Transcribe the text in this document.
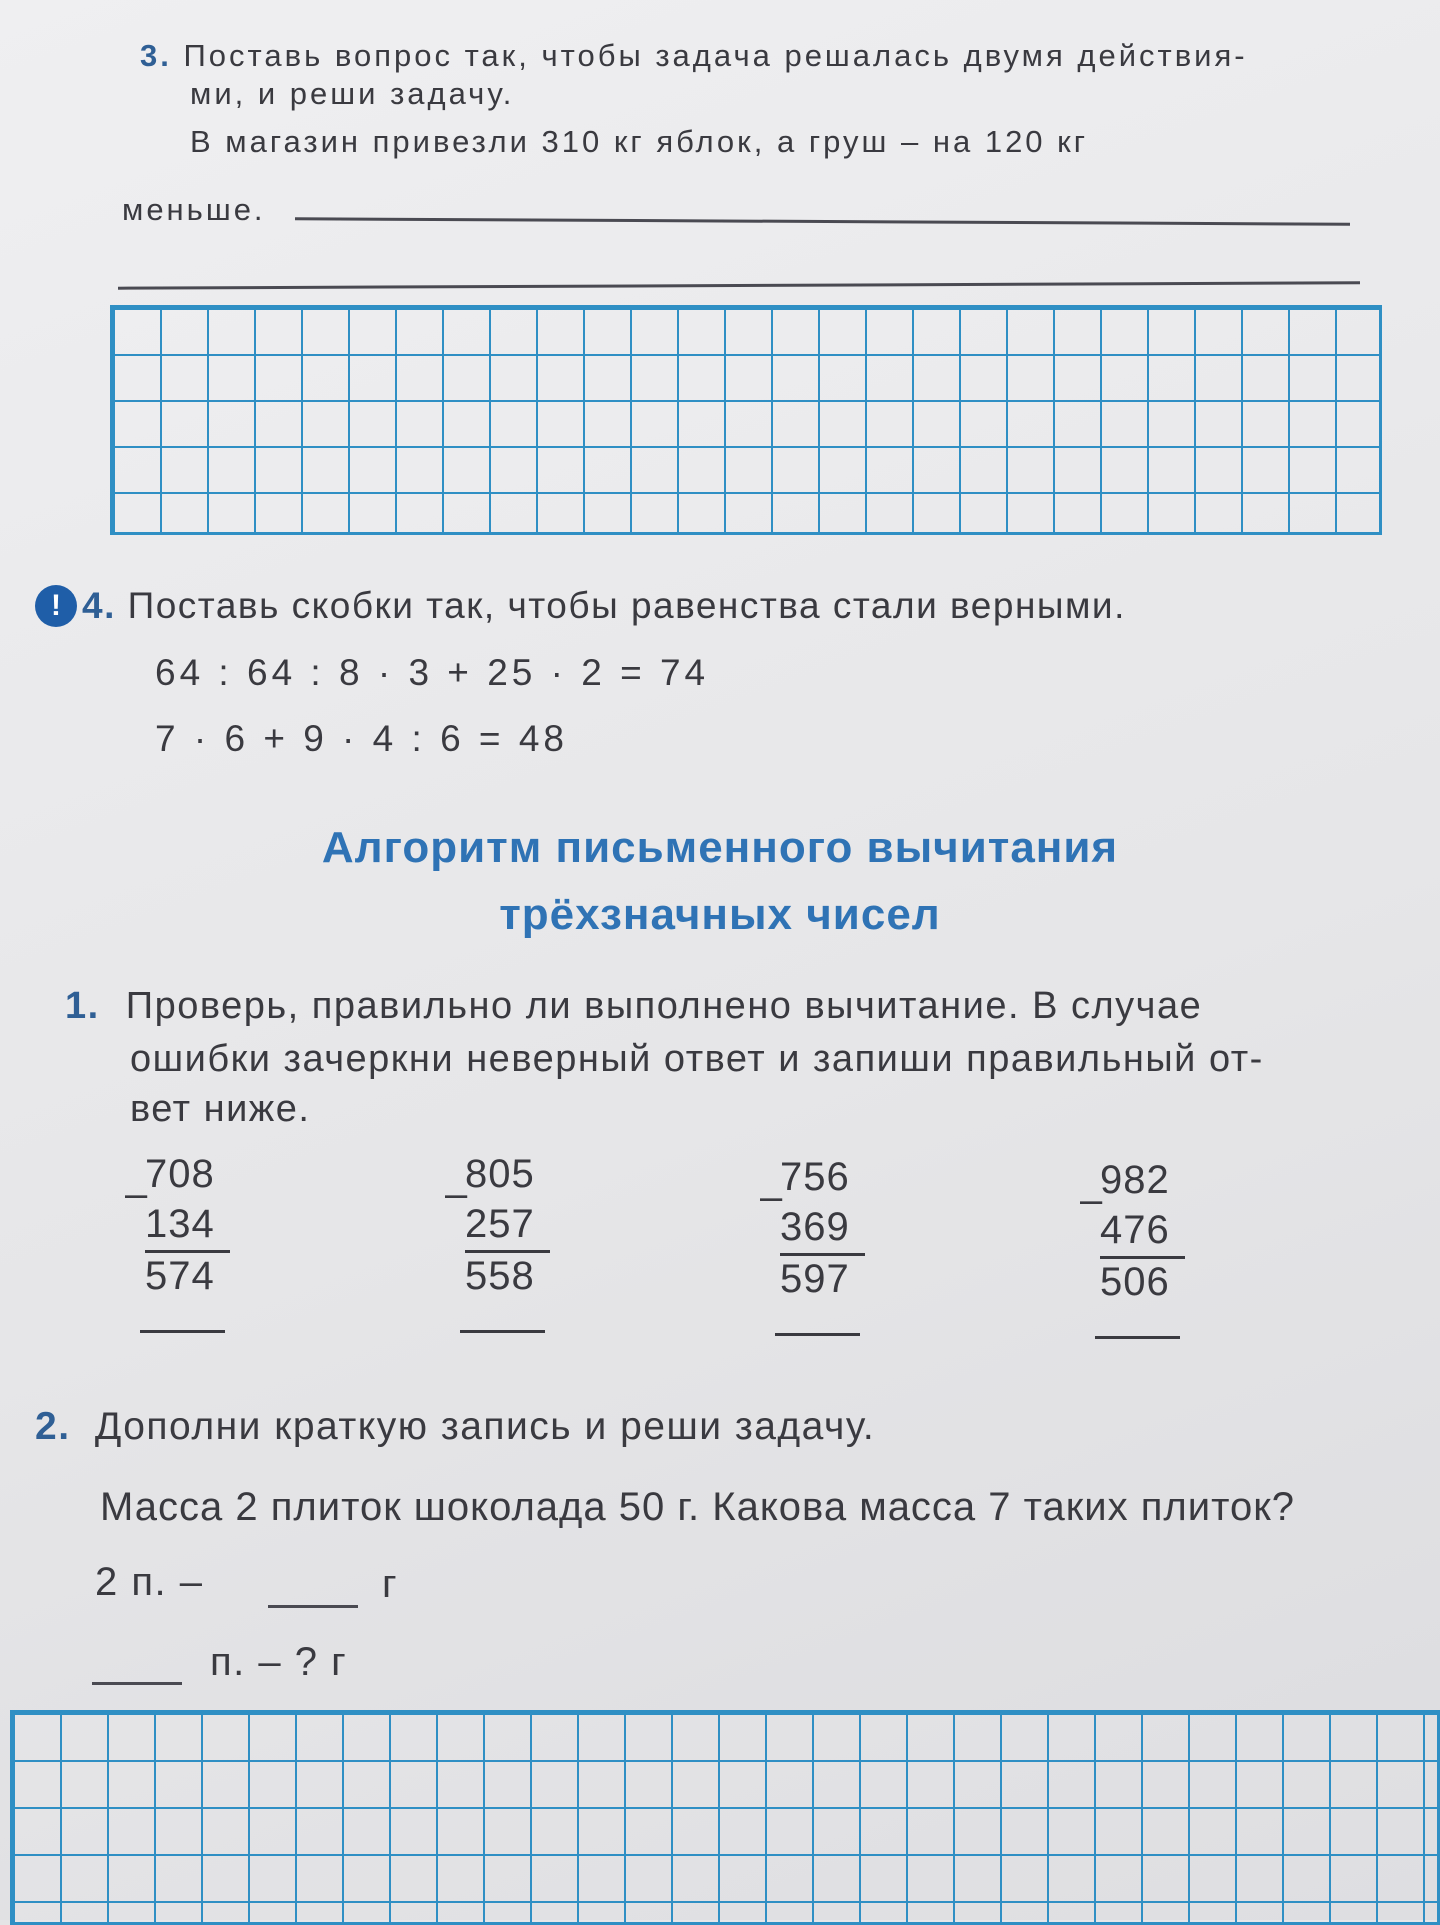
3. Поставь вопрос так, чтобы задача решалась двумя действия-
ми, и реши задачу.
В магазин привезли 310 кг яблок, а груш – на 120 кг
меньше.
! 4. Поставь скобки так, чтобы равенства стали верными.
64 : 64 : 8 · 3 + 25 · 2 = 74
7 · 6 + 9 · 4 : 6 = 48
Алгоритм письменного вычитания
трёхзначных чисел
1. Проверь, правильно ли выполнено вычитание. В случае
ошибки зачеркни неверный ответ и запиши правильный от-
вет ниже.
–
708
134
574
–
805
257
558
–
756
369
597
–
982
476
506
2. Дополни краткую запись и реши задачу.
Масса 2 плиток шоколада 50 г. Какова масса 7 таких плиток?
2 п. –	г
п. – ? г
